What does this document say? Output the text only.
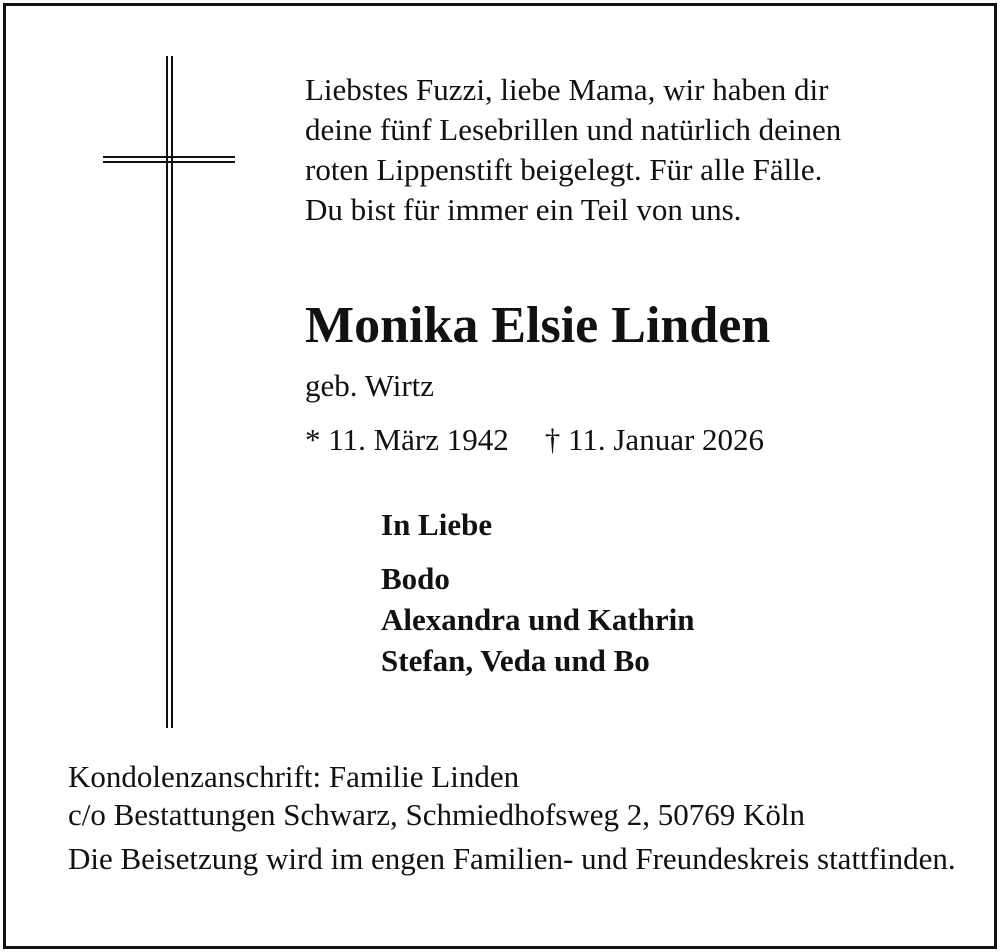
Liebstes Fuzzi, liebe Mama, wir haben dir
deine fünf Lesebrillen und natürlich deinen
roten Lippenstift beigelegt. Für alle Fälle.
Du bist für immer ein Teil von uns.
Monika Elsie Linden
geb. Wirtz
* 11. März 1942 † 11. Januar 2026
In Liebe
Bodo
Alexandra und Kathrin
Stefan, Veda und Bo
Kondolenzanschrift: Familie Linden
c/o Bestattungen Schwarz, Schmiedhofsweg 2, 50769 Köln
Die Beisetzung wird im engen Familien- und Freundeskreis stattfinden.
